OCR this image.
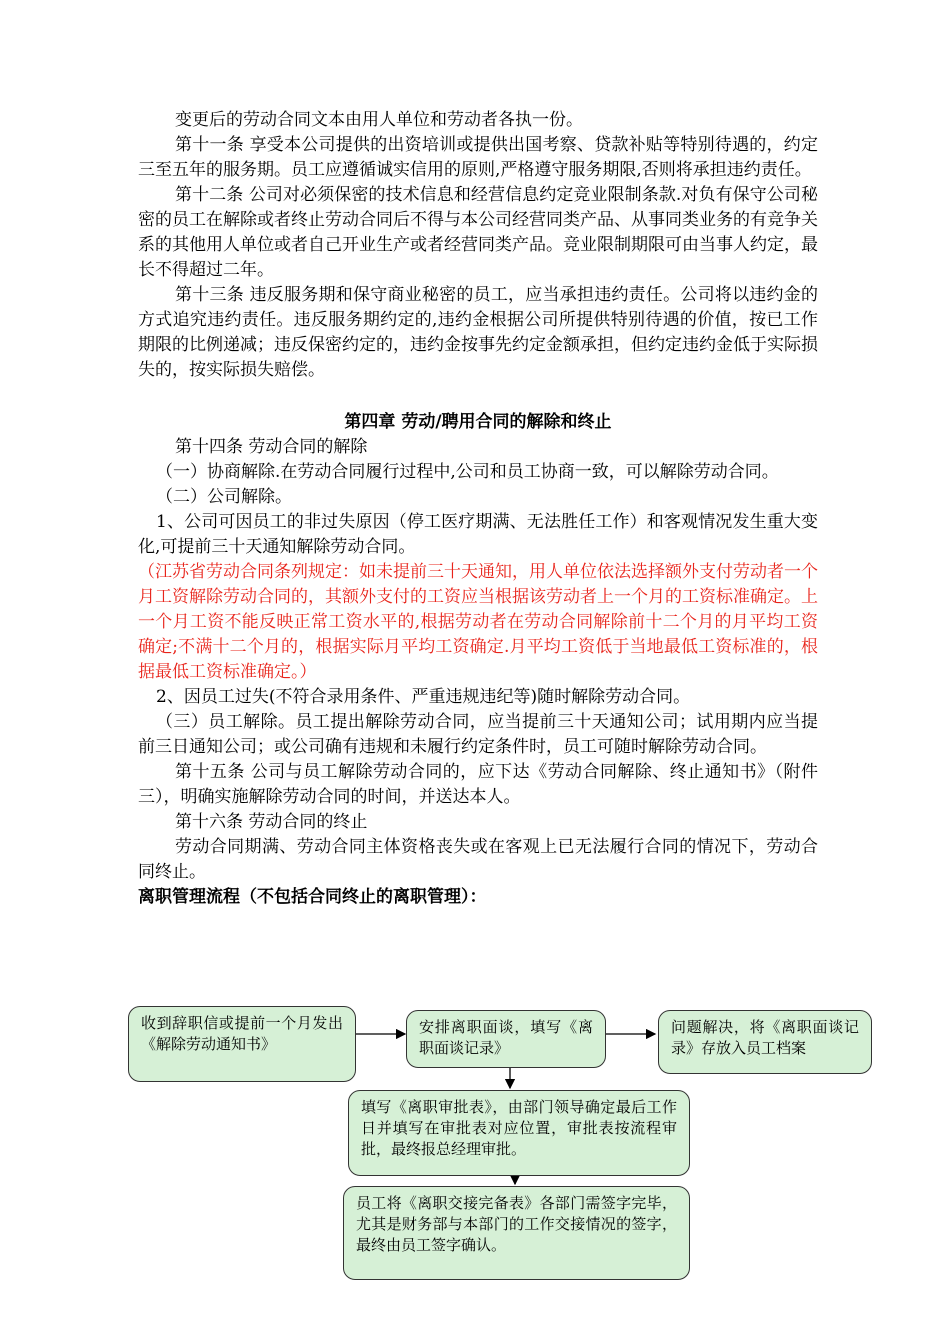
变更后的劳动合同文本由用人单位和劳动者各执一份。

第十一条 享受本公司提供的出资培训或提供出国考察、贷款补贴等特别待遇的，约定三至五年的服务期。员工应遵循诚实信用的原则,严格遵守服务期限,否则将承担违约责任。

第十二条 公司对必须保密的技术信息和经营信息约定竞业限制条款.对负有保守公司秘密的员工在解除或者终止劳动合同后不得与本公司经营同类产品、从事同类业务的有竞争关系的其他用人单位或者自己开业生产或者经营同类产品。竞业限制期限可由当事人约定，最长不得超过二年。

第十三条 违反服务期和保守商业秘密的员工，应当承担违约责任。公司将以违约金的方式追究违约责任。违反服务期约定的,违约金根据公司所提供特别待遇的价值，按已工作期限的比例递减；违反保密约定的，违约金按事先约定金额承担，但约定违约金低于实际损失的，按实际损失赔偿。

第四章 劳动/聘用合同的解除和终止

第十四条 劳动合同的解除

（一）协商解除.在劳动合同履行过程中,公司和员工协商一致，可以解除劳动合同。

（二）公司解除。

1、公司可因员工的非过失原因（停工医疗期满、无法胜任工作）和客观情况发生重大变化,可提前三十天通知解除劳动合同。

（江苏省劳动合同条列规定：如未提前三十天通知，用人单位依法选择额外支付劳动者一个月工资解除劳动合同的，其额外支付的工资应当根据该劳动者上一个月的工资标准确定。上一个月工资不能反映正常工资水平的,根据劳动者在劳动合同解除前十二个月的月平均工资确定;不满十二个月的，根据实际月平均工资确定.月平均工资低于当地最低工资标准的，根据最低工资标准确定。）

2、因员工过失(不符合录用条件、严重违规违纪等)随时解除劳动合同。

（三）员工解除。员工提出解除劳动合同，应当提前三十天通知公司；试用期内应当提前三日通知公司；或公司确有违规和未履行约定条件时，员工可随时解除劳动合同。

第十五条 公司与员工解除劳动合同的，应下达《劳动合同解除、终止通知书》（附件三），明确实施解除劳动合同的时间，并送达本人。

第十六条 劳动合同的终止

劳动合同期满、劳动合同主体资格丧失或在客观上已无法履行合同的情况下，劳动合同终止。

离职管理流程（不包括合同终止的离职管理）：

收到辞职信或提前一个月发出《解除劳动通知书》
安排离职面谈，填写《离职面谈记录》
问题解决，将《离职面谈记录》存放入员工档案
填写《离职审批表》，由部门领导确定最后工作日并填写在审批表对应位置，审批表按流程审批，最终报总经理审批。
员工将《离职交接完备表》各部门需签字完毕，尤其是财务部与本部门的工作交接情况的签字，最终由员工签字确认。
